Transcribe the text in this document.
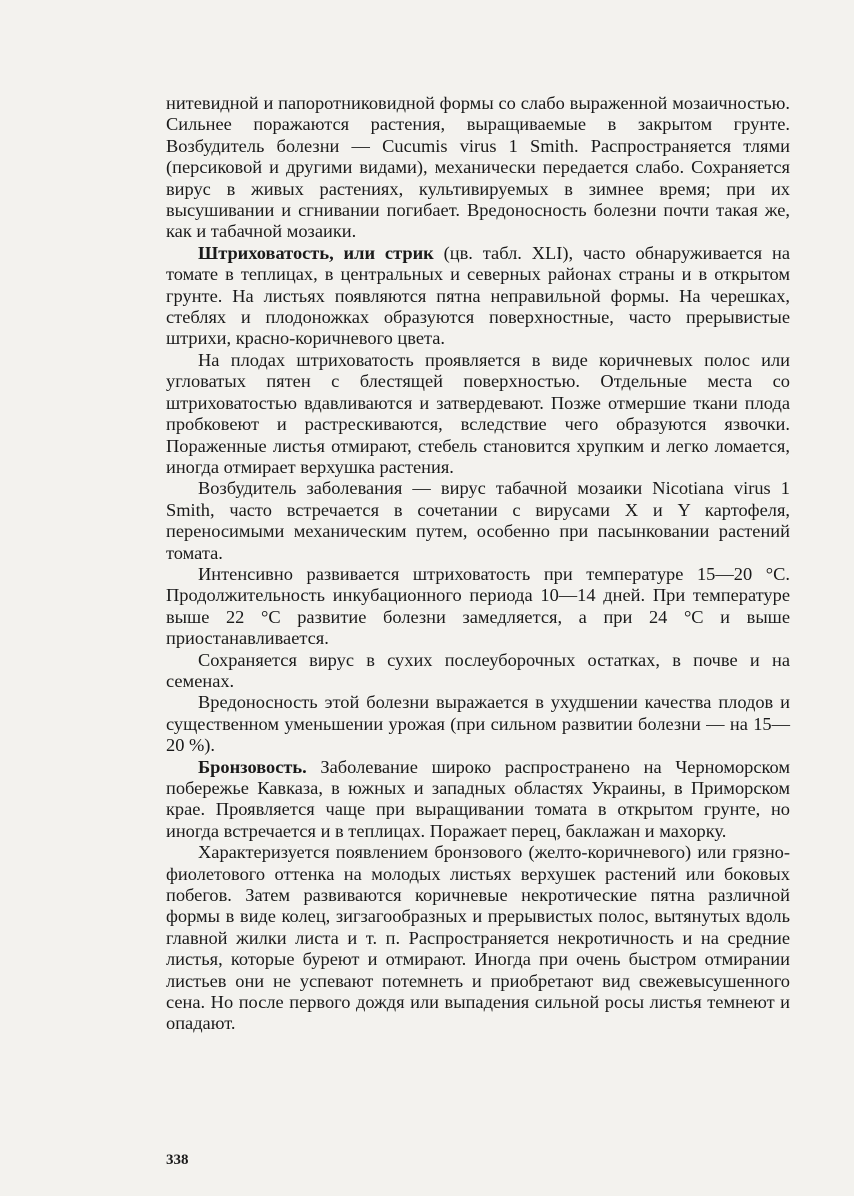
нитевидной и папоротниковидной формы со слабо выраженной мозаичностью. Сильнее поражаются растения, выращиваемые в закрытом грунте. Возбудитель болезни — Cucumis virus 1 Smith. Распространяется тлями (персиковой и другими видами), механически передается слабо. Сохраняется вирус в живых растениях, культивируемых в зимнее время; при их высушивании и сгнивании погибает. Вредоносность болезни почти такая же, как и табачной мозаики.

Штриховатость, или стрик (цв. табл. XLI), часто обнаруживается на томате в теплицах, в центральных и северных районах страны и в открытом грунте. На листьях появляются пятна неправильной формы. На черешках, стеблях и плодоножках образуются поверхностные, часто прерывистые штрихи, красно-коричневого цвета.

На плодах штриховатость проявляется в виде коричневых полос или угловатых пятен с блестящей поверхностью. Отдельные места со штриховатостью вдавливаются и затвердевают. Позже отмершие ткани плода пробковеют и растрескиваются, вследствие чего образуются язвочки. Пораженные листья отмирают, стебель становится хрупким и легко ломается, иногда отмирает верхушка растения.

Возбудитель заболевания — вирус табачной мозаики Nicotiana virus 1 Smith, часто встречается в сочетании с вирусами X и Y картофеля, переносимыми механическим путем, особенно при пасынковании растений томата.

Интенсивно развивается штриховатость при температуре 15—20 °С. Продолжительность инкубационного периода 10—14 дней. При температуре выше 22 °С развитие болезни замедляется, а при 24 °С и выше приостанавливается.

Сохраняется вирус в сухих послеуборочных остатках, в почве и на семенах.

Вредоносность этой болезни выражается в ухудшении качества плодов и существенном уменьшении урожая (при сильном развитии болезни — на 15—20 %).

Бронзовость. Заболевание широко распространено на Черноморском побережье Кавказа, в южных и западных областях Украины, в Приморском крае. Проявляется чаще при выращивании томата в открытом грунте, но иногда встречается и в теплицах. Поражает перец, баклажан и махорку.

Характеризуется появлением бронзового (желто-коричневого) или грязно-фиолетового оттенка на молодых листьях верхушек растений или боковых побегов. Затем развиваются коричневые некротические пятна различной формы в виде колец, зигзагообразных и прерывистых полос, вытянутых вдоль главной жилки листа и т. п. Распространяется некротичность и на средние листья, которые буреют и отмирают. Иногда при очень быстром отмирании листьев они не успевают потемнеть и приобретают вид свежевысушенного сена. Но после первого дождя или выпадения сильной росы листья темнеют и опадают.

338
